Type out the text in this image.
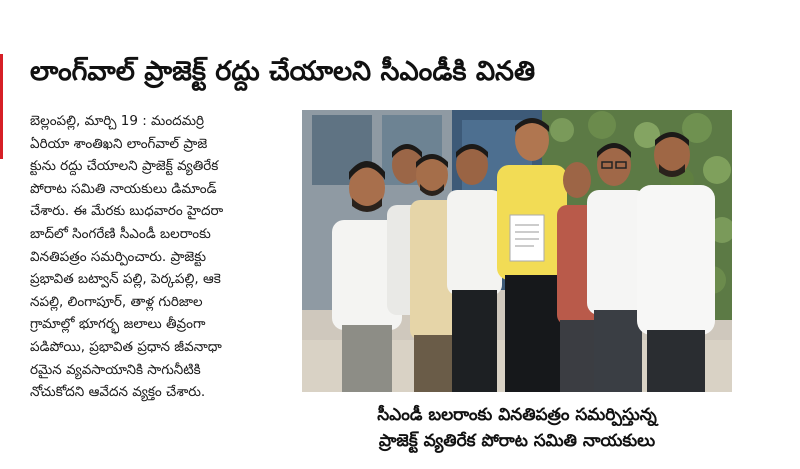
లాంగ్‌వాల్ ప్రాజెక్ట్ రద్దు చేయాలని సీఎండీకి వినతి
బెల్లంపల్లి, మార్చి 19 : మందమర్రి
ఏరియా శాంతిఖని లాంగ్‌వాల్ ప్రాజె
క్టును రద్దు చేయాలని ప్రాజెక్ట్ వ్యతిరేక
పోరాట సమితి నాయకులు డిమాండ్
చేశారు. ఈ మేరకు బుధవారం హైదరా
బాద్‌లో సింగరేణి సీఎండీ బలరాంకు
వినతిపత్రం సమర్పించారు. ప్రాజెక్టు
ప్రభావిత బట్వాన్ పల్లి, పెర్కపల్లి, ఆకె
నపల్లి, లింగాపూర్, తాళ్ల గురిజాల
గ్రామాల్లో భూగర్భ జలాలు తీవ్రంగా
పడిపోయి, ప్రభావిత ప్రధాన జీవనాధా
రమైన వ్యవసాయానికి సాగునీటికి
నోచుకోదని ఆవేదన వ్యక్తం చేశారు.
సీఎండీ బలరాంకు వినతిపత్రం సమర్పిస్తున్న
ప్రాజెక్ట్ వ్యతిరేక పోరాట సమితి నాయకులు
